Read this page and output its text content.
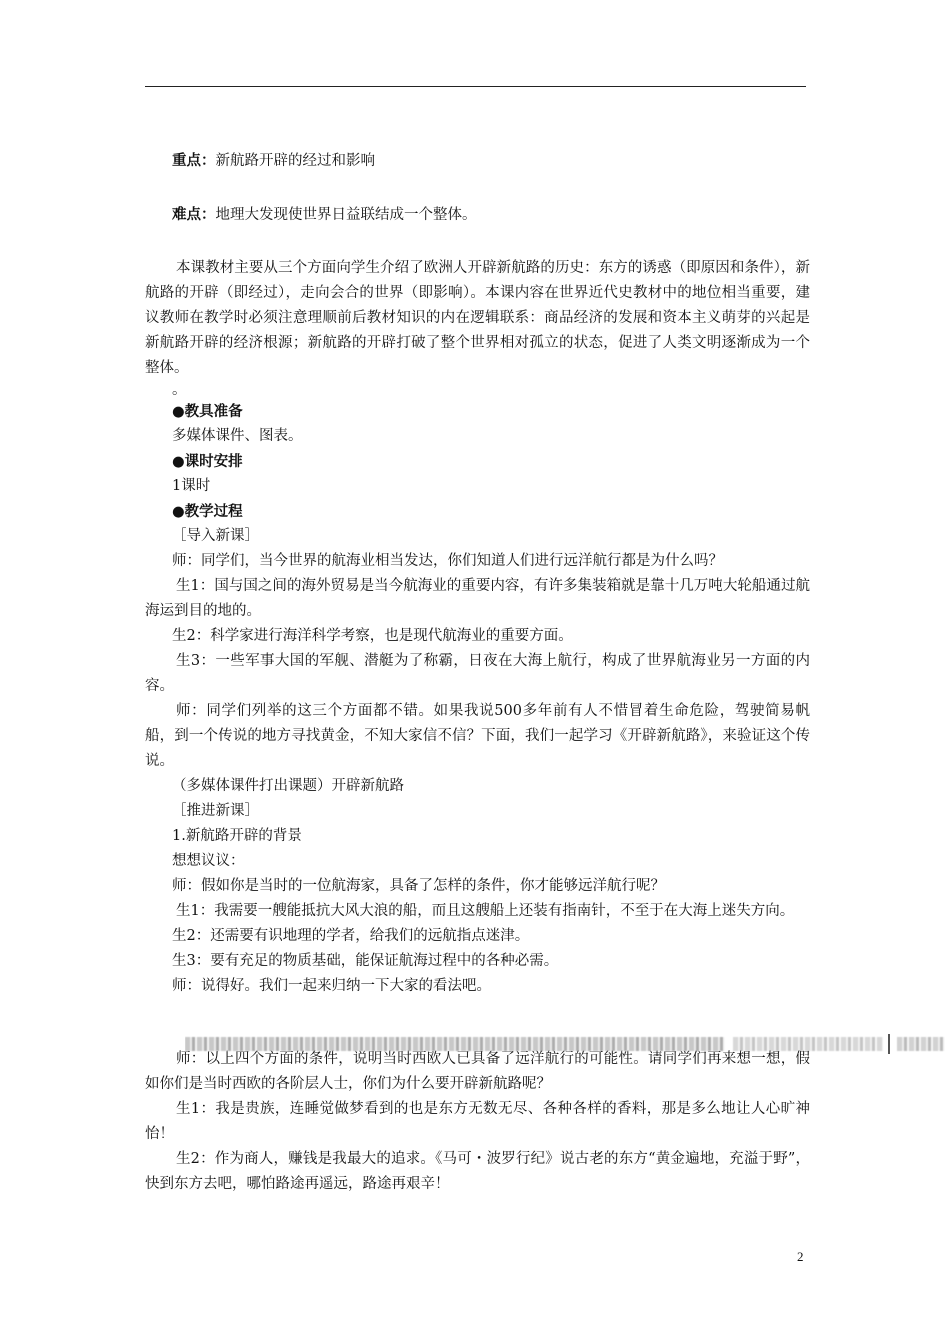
重点：新航路开辟的经过和影响
难点：地理大发现使世界日益联结成一个整体。
本课教材主要从三个方面向学生介绍了欧洲人开辟新航路的历史：东方的诱惑（即原因和条件），新航路的开辟（即经过），走向会合的世界（即影响）。本课内容在世界近代史教材中的地位相当重要，建议教师在教学时必须注意理顺前后教材知识的内在逻辑联系：商品经济的发展和资本主义萌芽的兴起是新航路开辟的经济根源；新航路的开辟打破了整个世界相对孤立的状态，促进了人类文明逐渐成为一个整体。
。
●教具准备
多媒体课件、图表。
●课时安排
1课时
●教学过程
［导入新课］
师：同学们，当今世界的航海业相当发达，你们知道人们进行远洋航行都是为什么吗？
生1：国与国之间的海外贸易是当今航海业的重要内容，有许多集装箱就是靠十几万吨大轮船通过航海运到目的地的。
生2：科学家进行海洋科学考察，也是现代航海业的重要方面。
生3：一些军事大国的军舰、潜艇为了称霸，日夜在大海上航行，构成了世界航海业另一方面的内容。
师：同学们列举的这三个方面都不错。如果我说500多年前有人不惜冒着生命危险，驾驶简易帆船，到一个传说的地方寻找黄金，不知大家信不信？下面，我们一起学习《开辟新航路》，来验证这个传说。
（多媒体课件打出课题）开辟新航路
［推进新课］
1.新航路开辟的背景
想想议议：
师：假如你是当时的一位航海家，具备了怎样的条件，你才能够远洋航行呢？
生1：我需要一艘能抵抗大风大浪的船，而且这艘船上还装有指南针，不至于在大海上迷失方向。
生2：还需要有识地理的学者，给我们的远航指点迷津。
生3：要有充足的物质基础，能保证航海过程中的各种必需。
师：说得好。我们一起来归纳一下大家的看法吧。
师：以上四个方面的条件，说明当时西欧人已具备了远洋航行的可能性。请同学们再来想一想，假如你们是当时西欧的各阶层人士，你们为什么要开辟新航路呢？
生1：我是贵族，连睡觉做梦看到的也是东方无数无尽、各种各样的香料，那是多么地让人心旷神怡！
生2：作为商人，赚钱是我最大的追求。《马可・波罗行纪》说古老的东方“黄金遍地，充溢于野”，快到东方去吧，哪怕路途再遥远，路途再艰辛！
2
